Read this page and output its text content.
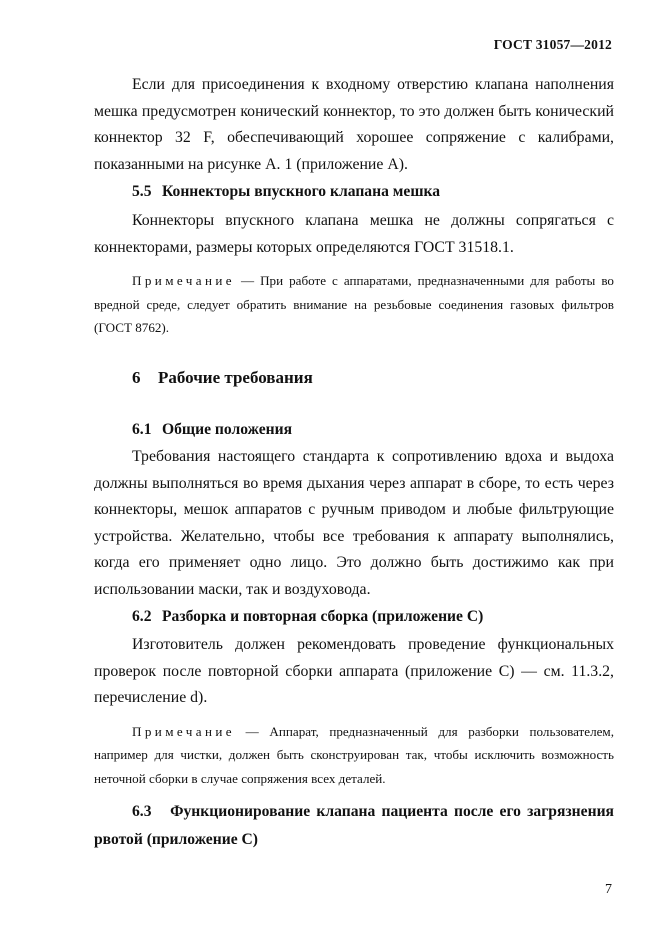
ГОСТ 31057—2012

Если для присоединения к входному отверстию клапана наполнения мешка предусмотрен конический коннектор, то это должен быть конический коннектор 32 F, обеспечивающий хорошее сопряжение с калибрами, показанными на рисунке А. 1 (приложение А).

5.5 Коннекторы впускного клапана мешка

Коннекторы впускного клапана мешка не должны сопрягаться с коннекторами, размеры которых определяются ГОСТ 31518.1.

Примечание — При работе с аппаратами, предназначенными для работы во вредной среде, следует обратить внимание на резьбовые соединения газовых фильтров (ГОСТ 8762).

6 Рабочие требования

6.1 Общие положения

Требования настоящего стандарта к сопротивлению вдоха и выдоха должны выполняться во время дыхания через аппарат в сборе, то есть через коннекторы, мешок аппаратов с ручным приводом и любые фильтрующие устройства. Желательно, чтобы все требования к аппарату выполнялись, когда его применяет одно лицо. Это должно быть достижимо как при использовании маски, так и воздуховода.

6.2 Разборка и повторная сборка (приложение С)

Изготовитель должен рекомендовать проведение функциональных проверок после повторной сборки аппарата (приложение С) — см. 11.3.2, перечисление d).

Примечание — Аппарат, предназначенный для разборки пользователем, например для чистки, должен быть сконструирован так, чтобы исключить возможность неточной сборки в случае сопряжения всех деталей.

6.3 Функционирование клапана пациента после его загрязнения рвотой (приложение С)

7
